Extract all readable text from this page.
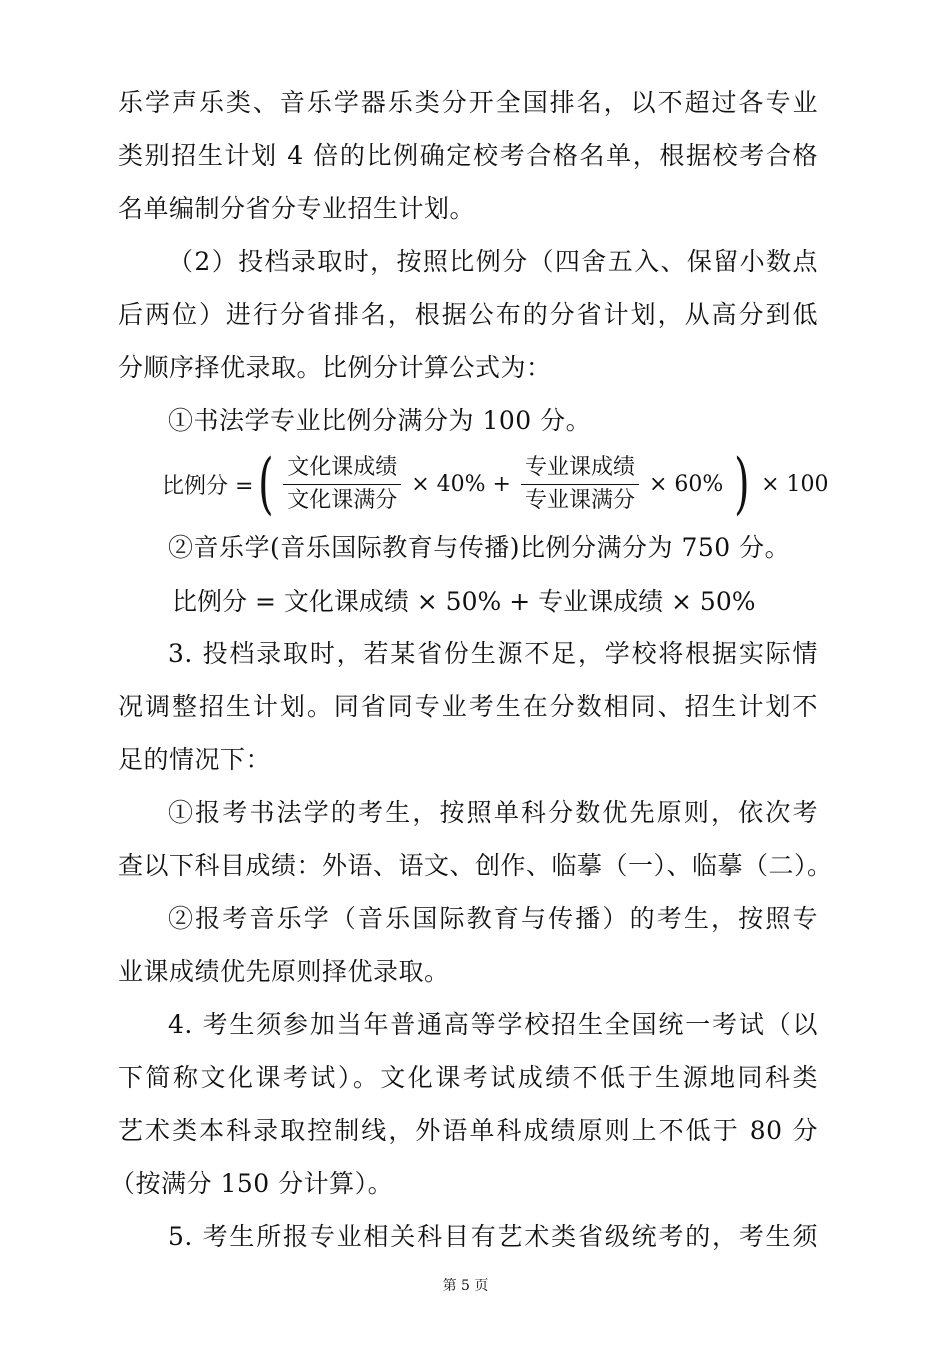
乐学声乐类、音乐学器乐类分开全国排名，以不超过各专业
类别招生计划 4 倍的比例确定校考合格名单，根据校考合格
名单编制分省分专业招生计划。
（2）投档录取时，按照比例分（四舍五入、保留小数点
后两位）进行分省排名，根据公布的分省计划，从高分到低
分顺序择优录取。比例分计算公式为：
①书法学专业比例分满分为 100 分。
比例分 = ( $\frac{\text{文化课成绩}}{\text{文化课满分}} \times 40\% + \frac{\text{专业课成绩}}{\text{专业课满分}} \times 60\%$ ) × 100
②音乐学(音乐国际教育与传播)比例分满分为 750 分。
比例分 = 文化课成绩 × 50% + 专业课成绩 × 50%
3. 投档录取时，若某省份生源不足，学校将根据实际情
况调整招生计划。同省同专业考生在分数相同、招生计划不
足的情况下：
①报考书法学的考生，按照单科分数优先原则，依次考
查以下科目成绩：外语、语文、创作、临摹（一）、临摹（二）。
②报考音乐学（音乐国际教育与传播）的考生，按照专
业课成绩优先原则择优录取。
4. 考生须参加当年普通高等学校招生全国统一考试（以
下简称文化课考试）。文化课考试成绩不低于生源地同科类
艺术类本科录取控制线，外语单科成绩原则上不低于 80 分
（按满分 150 分计算）。
5. 考生所报专业相关科目有艺术类省级统考的，考生须
第 5 页
